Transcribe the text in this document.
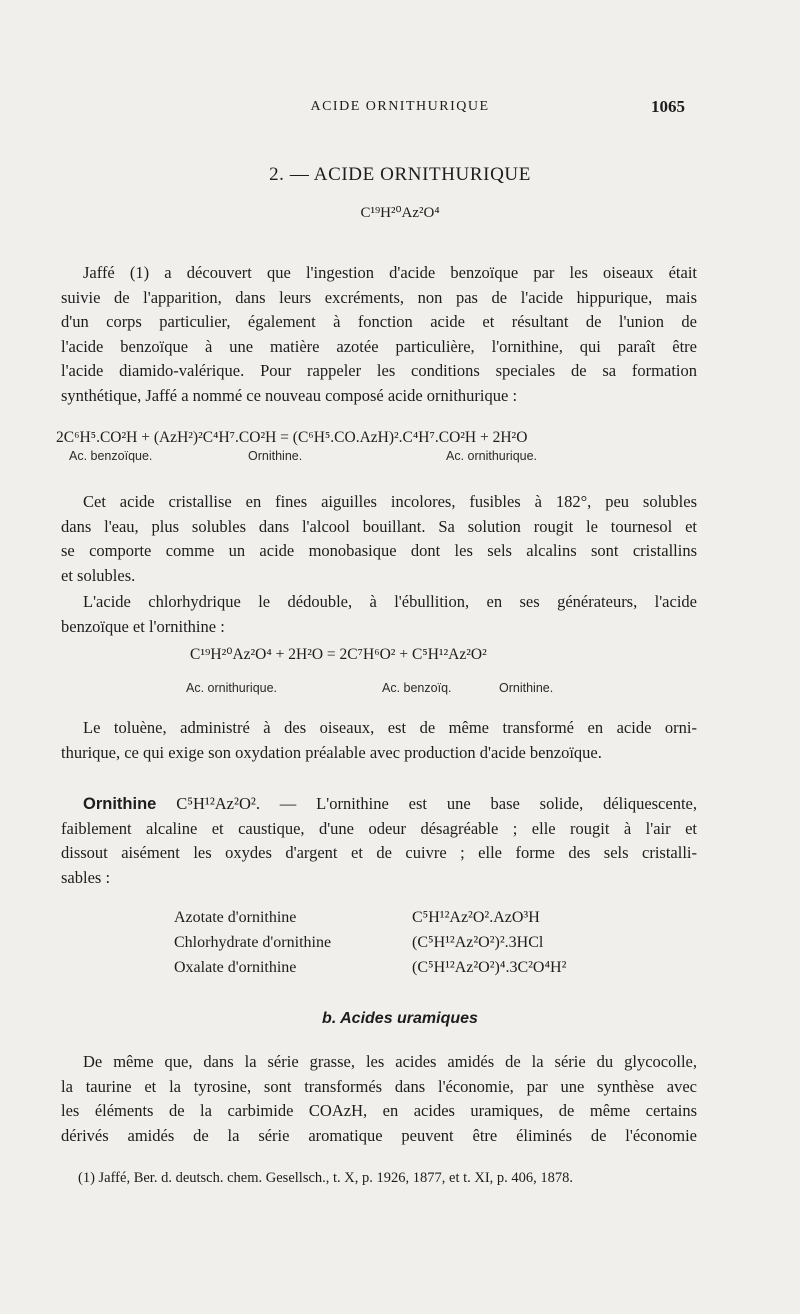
ACIDE ORNITHURIQUE	1065
2. — ACIDE ORNITHURIQUE
C¹⁹H²⁰Az²O⁴
Jaffé (1) a découvert que l'ingestion d'acide benzoïque par les oiseaux était
suivie de l'apparition, dans leurs excréments, non pas de l'acide hippurique, mais
d'un corps particulier, également à fonction acide et résultant de l'union de
l'acide benzoïque à une matière azotée particulière, l'ornithine, qui paraît être
l'acide diamido-valérique. Pour rappeler les conditions speciales de sa formation
synthétique, Jaffé a nommé ce nouveau composé acide ornithurique :
2C⁶H⁵.CO²H + (AzH²)²C⁴H⁷.CO²H = (C⁶H⁵.CO.AzH)².C⁴H⁷.CO²H + 2H²O
Ac. benzoïque.	Ornithine.	Ac. ornithurique.
Cet acide cristallise en fines aiguilles incolores, fusibles à 182°, peu solubles
dans l'eau, plus solubles dans l'alcool bouillant. Sa solution rougit le tournesol et
se comporte comme un acide monobasique dont les sels alcalins sont cristallins
et solubles.
L'acide chlorhydrique le dédouble, à l'ébullition, en ses générateurs, l'acide
benzoïque et l'ornithine :
C¹⁹H²⁰Az²O⁴ + 2H²O = 2C⁷H⁶O² + C⁵H¹²Az²O²
Ac. ornithurique.	Ac. benzoïq.	Ornithine.
Le toluène, administré à des oiseaux, est de même transformé en acide orni-
thurique, ce qui exige son oxydation préalable avec production d'acide benzoïque.
Ornithine C⁵H¹²Az²O². — L'ornithine est une base solide, déliquescente,
faiblement alcaline et caustique, d'une odeur désagréable ; elle rougit à l'air et
dissout aisément les oxydes d'argent et de cuivre ; elle forme des sels cristalli-
sables :
Azotate d'ornithine	C⁵H¹²Az²O².AzO³H
Chlorhydrate d'ornithine	(C⁵H¹²Az²O²)².3HCl
Oxalate d'ornithine	(C⁵H¹²Az²O²)⁴.3C²O⁴H²
b. Acides uramiques
De même que, dans la série grasse, les acides amidés de la série du glycocolle,
la taurine et la tyrosine, sont transformés dans l'économie, par une synthèse avec
les éléments de la carbimide COAzH, en acides uramiques, de même certains
dérivés amidés de la série aromatique peuvent être éliminés de l'économie
(1) Jaffé, Ber. d. deutsch. chem. Gesellsch., t. X, p. 1926, 1877, et t. XI, p. 406, 1878.
